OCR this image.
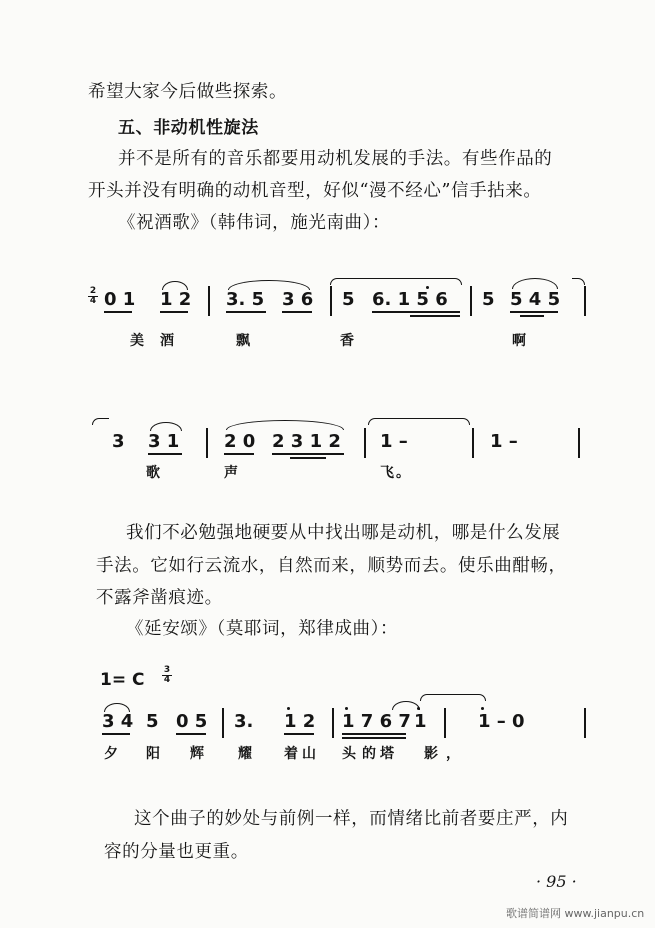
希望大家今后做些探索。
五、非动机性旋法
并不是所有的音乐都要用动机发展的手法。有些作品的
开头并没有明确的动机音型，好似“漫不经心”信手拈来。
《祝酒歌》（韩伟词，施光南曲）：
$\frac{2}{4} 0$ 1 1 2 3. 5 3 6 5 6. 1 5 6 5 5 4 5
美 酒	飘	香	啊
3 3 1 2 0 2 3 1 2 1 –	1 –
歌	声	飞 。
我们不必勉强地硬要从中找出哪是动机，哪是什么发展
手法。它如行云流水，自然而来，顺势而去。使乐曲酣畅，
不露斧凿痕迹。
《延安颂》（莫耶词，郑律成曲）：
1= C $\frac{3}{4}$
3 4 5 0 5 3. 1 2 1 7 6 7 1	1 – 0
夕 阳 辉 耀 着 山 头 的 塔 影 ，
这个曲子的妙处与前例一样，而情绪比前者要庄严，内
容的分量也更重。
· 95 ·
歌谱简谱网 www.jianpu.cn
